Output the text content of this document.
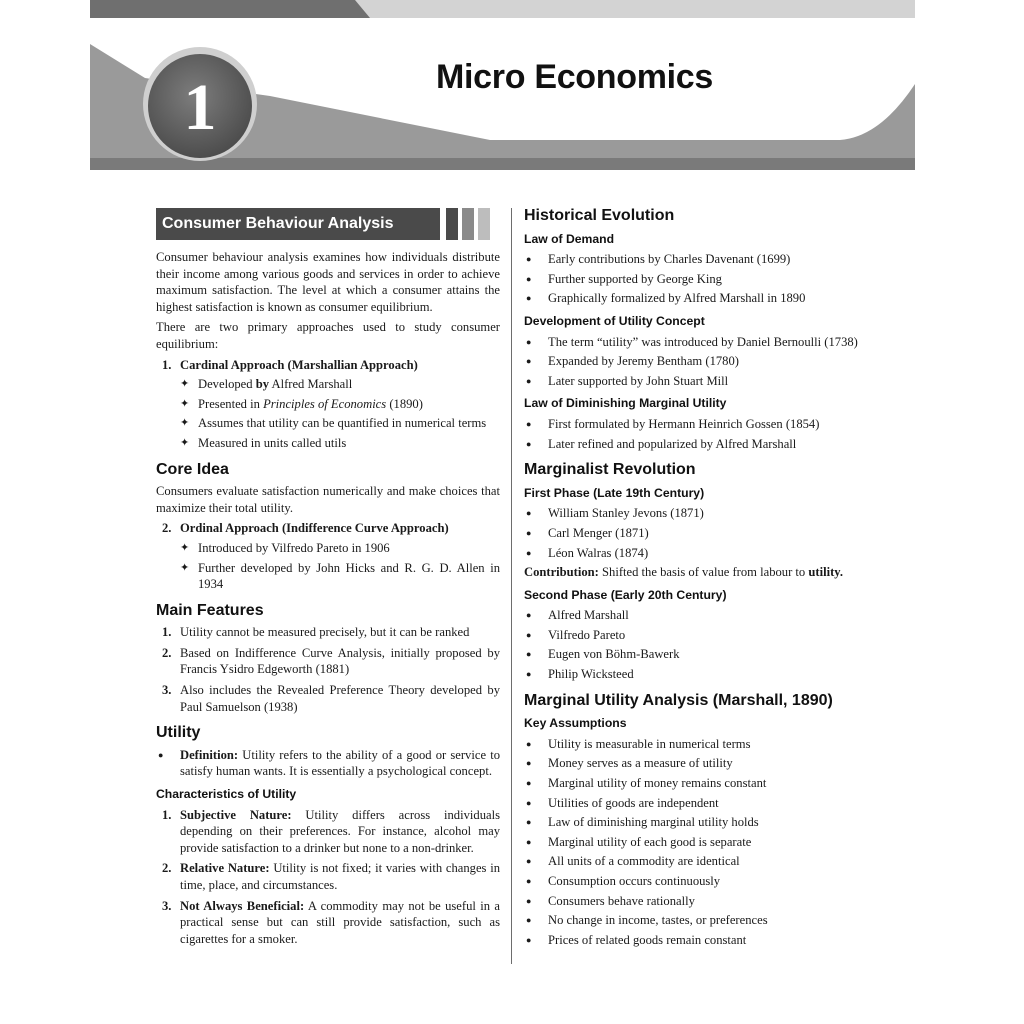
1	Micro Economics
Consumer Behaviour Analysis

Consumer behaviour analysis examines how individuals distribute their income among various goods and services in order to achieve maximum satisfaction. The level at which a consumer attains the highest satisfaction is known as consumer equilibrium.

There are two primary approaches used to study consumer equilibrium:

1. Cardinal Approach (Marshallian Approach)
✦ Developed by Alfred Marshall
✦ Presented in Principles of Economics (1890)
✦ Assumes that utility can be quantified in numerical terms
✦ Measured in units called utils
Core Idea

Consumers evaluate satisfaction numerically and make choices that maximize their total utility.

2. Ordinal Approach (Indifference Curve Approach)
✦ Introduced by Vilfredo Pareto in 1906
✦ Further developed by John Hicks and R. G. D. Allen in 1934
Main Features
1. Utility cannot be measured precisely, but it can be ranked
2. Based on Indifference Curve Analysis, initially proposed by Francis Ysidro Edgeworth (1881)
3. Also includes the Revealed Preference Theory developed by Paul Samuelson (1938)
Utility
● Definition: Utility refers to the ability of a good or service to satisfy human wants. It is essentially a psychological concept.
Characteristics of Utility
1. Subjective Nature: Utility differs across individuals depending on their preferences. For instance, alcohol may provide satisfaction to a drinker but none to a non-drinker.
2. Relative Nature: Utility is not fixed; it varies with changes in time, place, and circumstances.
3. Not Always Beneficial: A commodity may not be useful in a practical sense but can still provide satisfaction, such as cigarettes for a smoker.
Historical Evolution
Law of Demand
● Early contributions by Charles Davenant (1699)
● Further supported by George King
● Graphically formalized by Alfred Marshall in 1890
Development of Utility Concept
● The term “utility” was introduced by Daniel Bernoulli (1738)
● Expanded by Jeremy Bentham (1780)
● Later supported by John Stuart Mill
Law of Diminishing Marginal Utility
● First formulated by Hermann Heinrich Gossen (1854)
● Later refined and popularized by Alfred Marshall
Marginalist Revolution
First Phase (Late 19th Century)
● William Stanley Jevons (1871)
● Carl Menger (1871)
● Léon Walras (1874)

Contribution: Shifted the basis of value from labour to utility.

Second Phase (Early 20th Century)
● Alfred Marshall
● Vilfredo Pareto
● Eugen von Böhm-Bawerk
● Philip Wicksteed
Marginal Utility Analysis (Marshall, 1890)
Key Assumptions
● Utility is measurable in numerical terms
● Money serves as a measure of utility
● Marginal utility of money remains constant
● Utilities of goods are independent
● Law of diminishing marginal utility holds
● Marginal utility of each good is separate
● All units of a commodity are identical
● Consumption occurs continuously
● Consumers behave rationally
● No change in income, tastes, or preferences
● Prices of related goods remain constant
